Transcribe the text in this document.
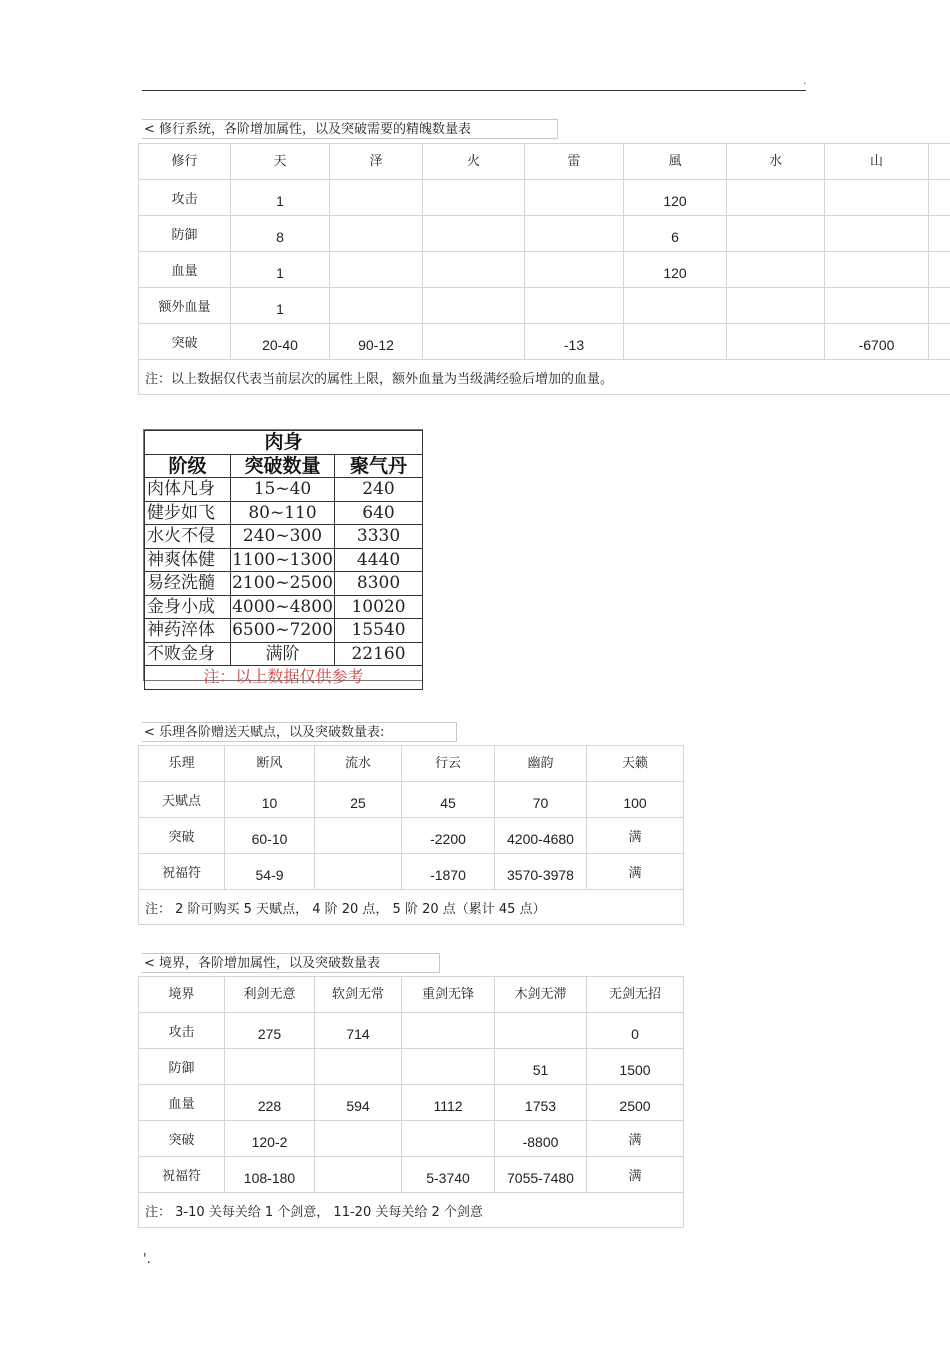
.
< 修行系统，各阶增加属性，以及突破需要的精魄数量表
修行	天	泽	火	雷	風	水	山	
攻击	1				120			
防御	8				6			
血量	1				120			
额外血量	1							
突破	20-40	90-12		-13			-6700	
注：以上数据仅代表当前层次的属性上限，额外血量为当级满经验后增加的血量。								
肉身		
阶级	突破数量	聚气丹
肉体凡身	15~40	240
健步如飞	80~110	640
水火不侵	240~300	3330
神爽体健	1100~1300	4440
易经洗髓	2100~2500	8300
金身小成	4000~4800	10020
神药淬体	6500~7200	15540
不败金身	满阶	22160
注：以上数据仅供参考		
< 乐理各阶赠送天赋点，以及突破数量表:
乐理	断风	流水	行云	幽韵	天籁
天赋点	10	25	45	70	100
突破	60-10		-2200	4200-4680	满
祝福符	54-9		-1870	3570-3978	满
注： 2 阶可购买 5 天赋点， 4 阶 20 点， 5 阶 20 点（累计 45 点）					
< 境界，各阶增加属性，以及突破数量表
境界	利剑无意	软剑无常	重剑无锋	木剑无滞	无剑无招
攻击	275	714			0
防御				51	1500
血量	228	594	1112	1753	2500
突破	120-2			-8800	满
祝福符	108-180		5-3740	7055-7480	满
注： 3-10 关每关给 1 个剑意， 11-20 关每关给 2 个剑意					
'.
